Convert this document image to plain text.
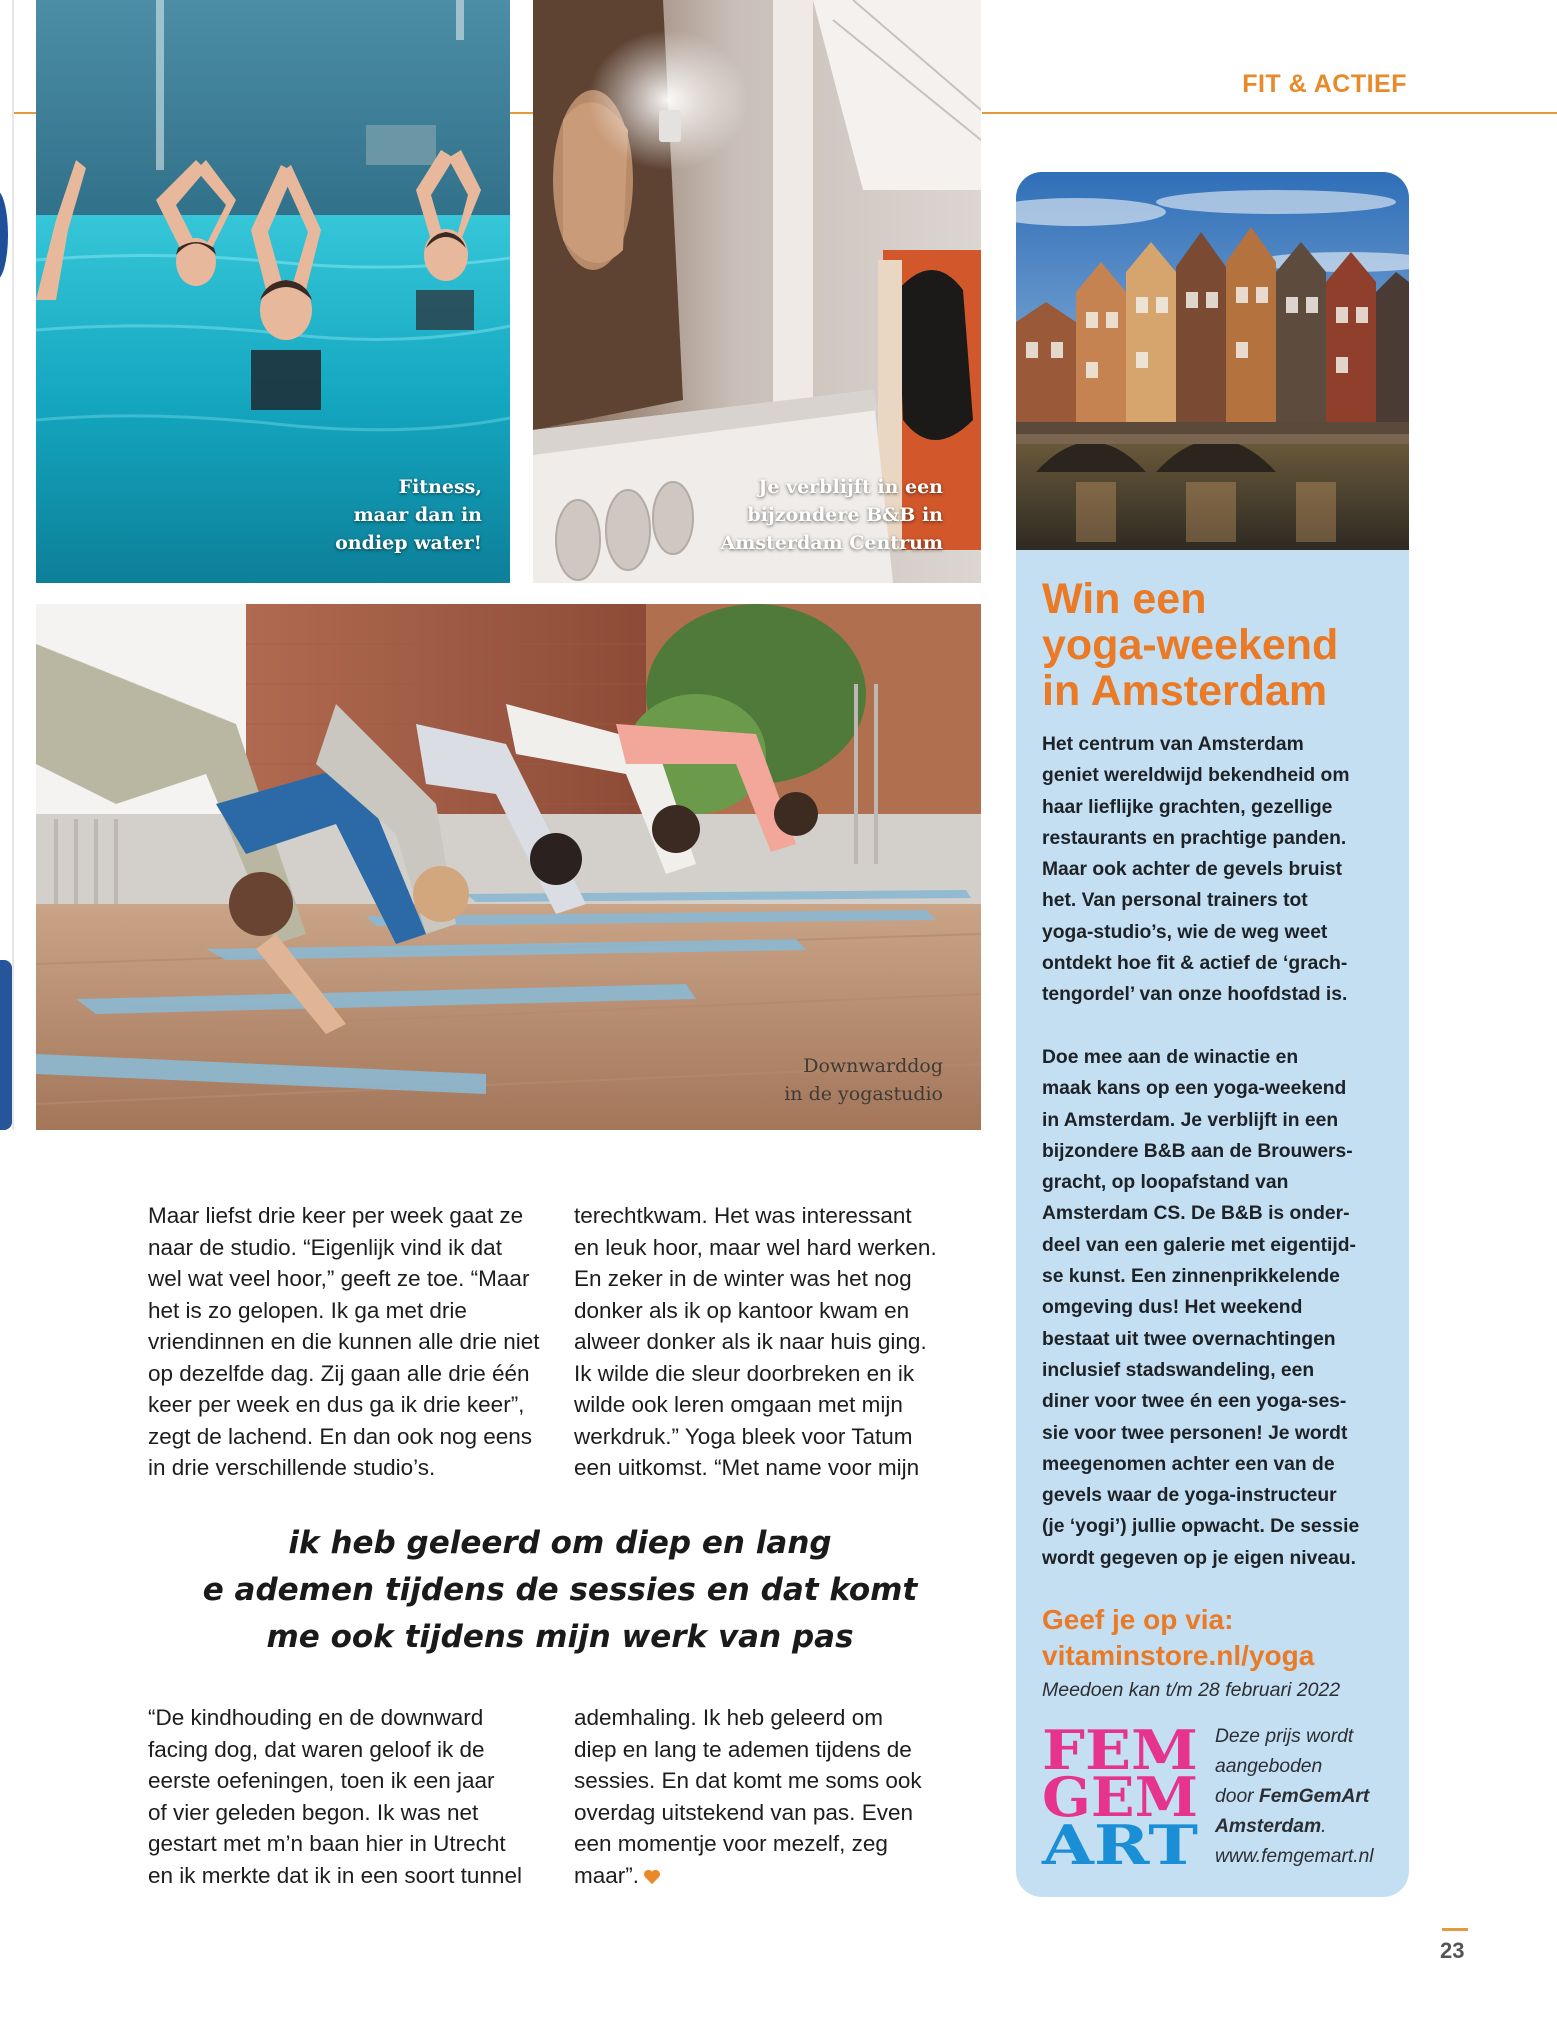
FIT & ACTIEF
Fitness,
maar dan in
ondiep water!
Je verblijft in een
bijzondere B&B in
Amsterdam Centrum
Downwarddog
in de yogastudio

Maar liefst drie keer per week gaat ze
naar de studio. “Eigenlijk vind ik dat
wel wat veel hoor,” geeft ze toe. “Maar
het is zo gelopen. Ik ga met drie
vriendinnen en die kunnen alle drie niet
op dezelfde dag. Zij gaan alle drie één
keer per week en dus ga ik drie keer”,
zegt de lachend. En dan ook nog eens
in drie verschillende studio’s.

terechtkwam. Het was interessant
en leuk hoor, maar wel hard werken.
En zeker in de winter was het nog
donker als ik op kantoor kwam en
alweer donker als ik naar huis ging.
Ik wilde die sleur doorbreken en ik
wilde ook leren omgaan met mijn
werkdruk.” Yoga bleek voor Tatum
een uitkomst. “Met name voor mijn

ik heb geleerd om diep en lang
e ademen tijdens de sessies en dat komt
me ook tijdens mijn werk van pas

“De kindhouding en de downward
facing dog, dat waren geloof ik de
eerste oefeningen, toen ik een jaar
of vier geleden begon. Ik was net
gestart met m’n baan hier in Utrecht
en ik merkte dat ik in een soort tunnel

ademhaling. Ik heb geleerd om
diep en lang te ademen tijdens de
sessies. En dat komt me soms ook
overdag uitstekend van pas. Even
een momentje voor mezelf, zeg
maar”.

Win een
yoga-weekend
in Amsterdam
Het centrum van Amsterdam
geniet wereldwijd bekendheid om
haar lieflijke grachten, gezellige
restaurants en prachtige panden.
Maar ook achter de gevels bruist
het. Van personal trainers tot
yoga-studio’s, wie de weg weet
ontdekt hoe fit & actief de ‘grach-
tengordel’ van onze hoofdstad is.

Doe mee aan de winactie en
maak kans op een yoga-weekend
in Amsterdam. Je verblijft in een
bijzondere B&B aan de Brouwers-
gracht, op loopafstand van
Amsterdam CS. De B&B is onder-
deel van een galerie met eigentijd-
se kunst. Een zinnenprikkelende
omgeving dus! Het weekend
bestaat uit twee overnachtingen
inclusief stadswandeling, een
diner voor twee én een yoga-ses-
sie voor twee personen! Je wordt
meegenomen achter een van de
gevels waar de yoga-instructeur
(je ‘yogi’) jullie opwacht. De sessie
wordt gegeven op je eigen niveau.
Geef je op via:
vitaminstore.nl/yoga
Meedoen kan t/m 28 februari 2022
FEM
GEM
ART
Deze prijs wordt
aangeboden
door FemGemArt
Amsterdam.
www.femgemart.nl
23
